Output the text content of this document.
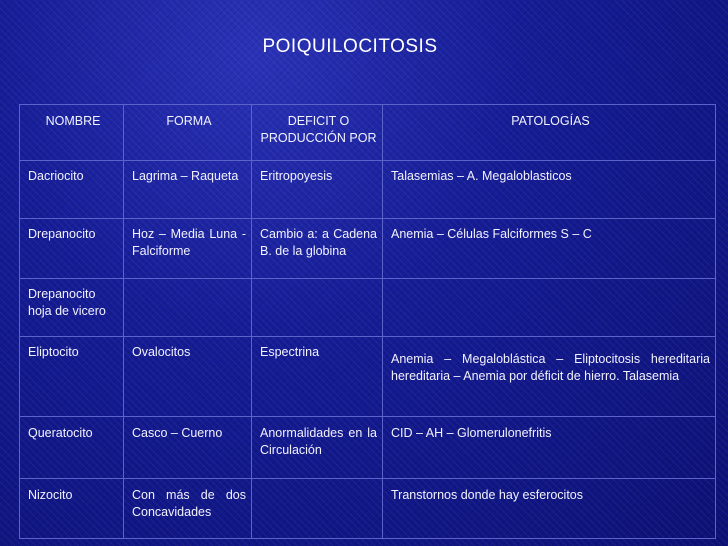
POIQUILOCITOSIS
NOMBRE	FORMA	DEFICIT O PRODUCCIÓN POR	PATOLOGÍAS
Dacriocito	Lagrima – Raqueta	Eritropoyesis	Talasemias – A. Megaloblasticos
Drepanocito	Hoz – Media Luna - Falciforme	Cambio a: a Cadena B. de la globina	Anemia – Células Falciformes S – C
Drepanocito hoja de vicero			
Eliptocito	Ovalocitos	Espectrina	Anemia – Megaloblástica – Eliptocitosis hereditaria hereditaria – Anemia por déficit de hierro. Talasemia
Queratocito	Casco – Cuerno	Anormalidades en la Circulación	CID – AH – Glomerulonefritis
Nizocito	Con más de dos Concavidades		Transtornos donde hay esferocitos
